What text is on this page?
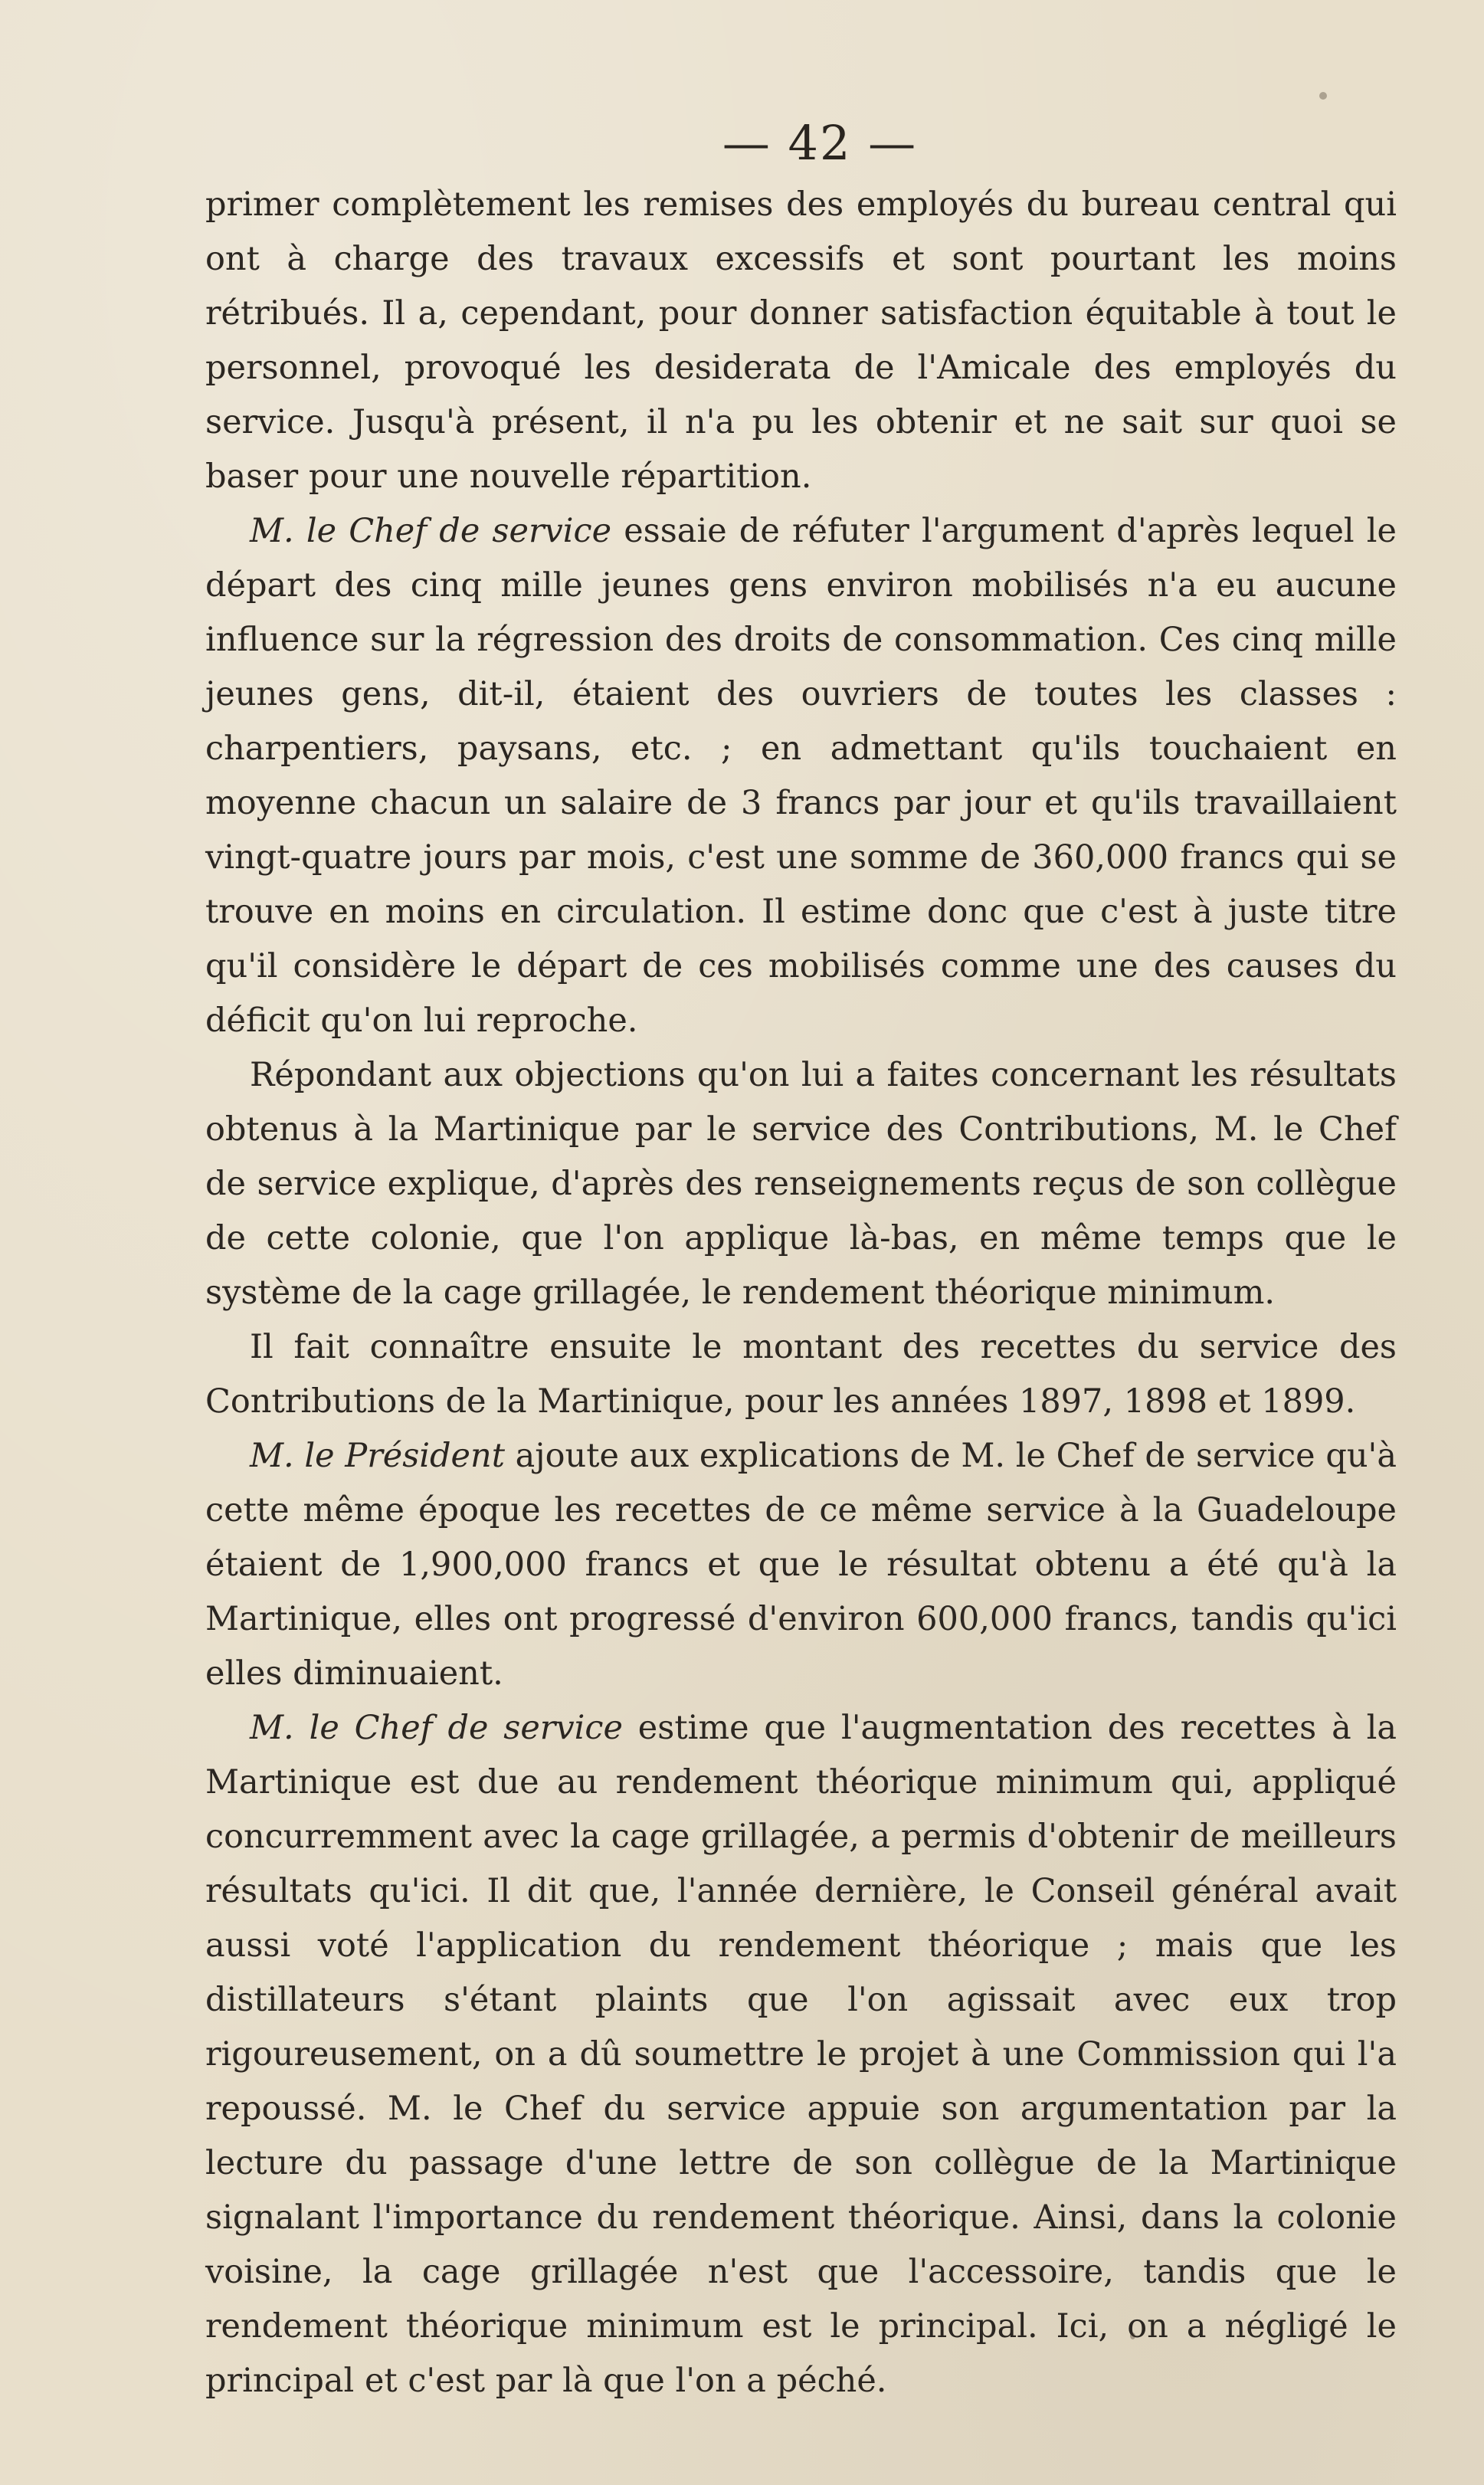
— 42 —

primer complètement les remises des employés du bureau central qui ont à charge des travaux excessifs et sont pourtant les moins rétribués. Il a, cependant, pour donner satisfaction équitable à tout le personnel, provoqué les desiderata de l'Amicale des employés du service. Jusqu'à présent, il n'a pu les obtenir et ne sait sur quoi se baser pour une nouvelle répartition.

M. le Chef de service essaie de réfuter l'argument d'après lequel le départ des cinq mille jeunes gens environ mobilisés n'a eu aucune influence sur la régression des droits de consommation. Ces cinq mille jeunes gens, dit-il, étaient des ouvriers de toutes les classes : charpentiers, paysans, etc. ; en admettant qu'ils touchaient en moyenne chacun un salaire de 3 francs par jour et qu'ils travaillaient vingt-quatre jours par mois, c'est une somme de 360,000 francs qui se trouve en moins en circulation. Il estime donc que c'est à juste titre qu'il considère le départ de ces mobilisés comme une des causes du déficit qu'on lui reproche.

Répondant aux objections qu'on lui a faites concernant les résultats obtenus à la Martinique par le service des Contributions, M. le Chef de service explique, d'après des renseignements reçus de son collègue de cette colonie, que l'on applique là-bas, en même temps que le système de la cage grillagée, le rendement théorique minimum.

Il fait connaître ensuite le montant des recettes du service des Contributions de la Martinique, pour les années 1897, 1898 et 1899.

M. le Président ajoute aux explications de M. le Chef de service qu'à cette même époque les recettes de ce même service à la Guadeloupe étaient de 1,900,000 francs et que le résultat obtenu a été qu'à la Martinique, elles ont progressé d'environ 600,000 francs, tandis qu'ici elles diminuaient.

M. le Chef de service estime que l'augmentation des recettes à la Martinique est due au rendement théorique minimum qui, appliqué concurremment avec la cage grillagée, a permis d'obtenir de meilleurs résultats qu'ici. Il dit que, l'année dernière, le Conseil général avait aussi voté l'application du rendement théorique ; mais que les distillateurs s'étant plaints que l'on agissait avec eux trop rigoureusement, on a dû soumettre le projet à une Commission qui l'a repoussé. M. le Chef du service appuie son argumentation par la lecture du passage d'une lettre de son collègue de la Martinique signalant l'importance du rendement théorique. Ainsi, dans la colonie voisine, la cage grillagée n'est que l'accessoire, tandis que le rendement théorique minimum est le principal. Ici, on a négligé le principal et c'est par là que l'on a péché.
